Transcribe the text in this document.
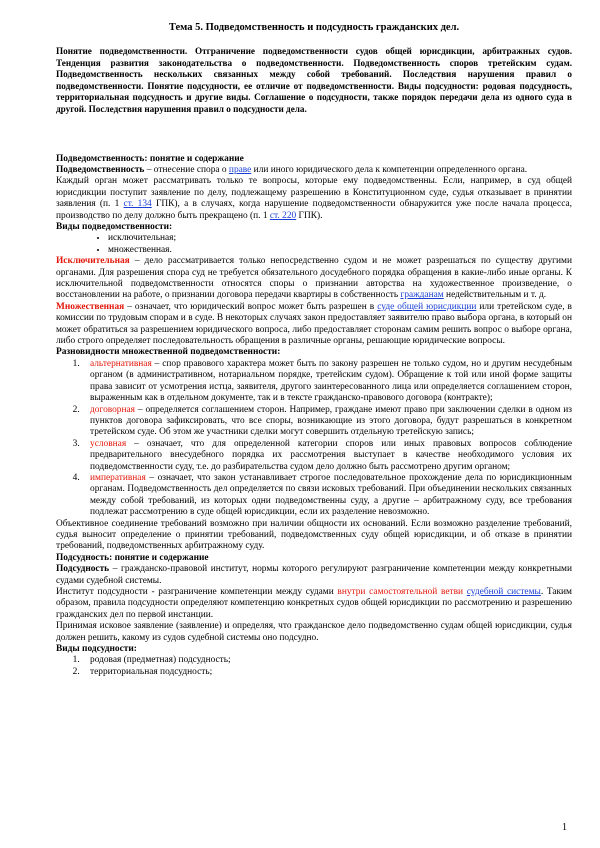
Тема 5. Подведомственность и подсудность гражданских дел.

Понятие подведомственности. Отграничение подведомственности судов общей юрисдикции, арбитражных судов. Тенденция развития законодательства о подведомственности. Подведомственность споров третейским судам. Подведомственность нескольких связанных между собой требований. Последствия нарушения правил о подведомственности. Понятие подсудности, ее отличие от подведомственности. Виды подсудности: родовая подсудность, территориальная подсудность и другие виды. Соглашение о подсудности, также порядок передачи дела из одного суда в другой. Последствия нарушения правил о подсудности дела.

Подведомственность: понятие и содержание

Подведомственность – отнесение спора о праве или иного юридического дела к компетенции определенного органа.

Каждый орган может рассматривать только те вопросы, которые ему подведомственны. Если, например, в суд общей юрисдикции поступит заявление по делу, подлежащему разрешению в Конституционном суде, судья отказывает в принятии заявления (п. 1 ст. 134 ГПК), а в случаях, когда нарушение подведомственности обнаружится уже после начала процесса, производство по делу должно быть прекращено (п. 1 ст. 220 ГПК).

Виды подведомственности:

• исключительная;
• множественная.

Исключительная – дело рассматривается только непосредственно судом и не может разрешаться по существу другими органами. Для разрешения спора суд не требуется обязательного досудебного порядка обращения в какие-либо иные органы. К исключительной подведомственности относятся споры о признании авторства на художественное произведение, о восстановлении на работе, о признании договора передачи квартиры в собственность гражданам недействительным и т. д.

Множественная – означает, что юридический вопрос может быть разрешен в суде общей юрисдикции или третейском суде, в комиссии по трудовым спорам и в суде. В некоторых случаях закон предоставляет заявителю право выбора органа, в который он может обратиться за разрешением юридического вопроса, либо предоставляет сторонам самим решить вопрос о выборе органа, либо строго определяет последовательность обращения в различные органы, решающие юридические вопросы.

Разновидности множественной подведомственности:

1. альтернативная – спор правового характера может быть по закону разрешен не только судом, но и другим несудебным органом (в административном, нотариальном порядке, третейским судом). Обращение к той или иной форме защиты права зависит от усмотрения истца, заявителя, другого заинтересованного лица или определяется соглашением сторон, выраженным как в отдельном документе, так и в тексте гражданско-правового договора (контракте);
2. договорная – определяется соглашением сторон. Например, граждане имеют право при заключении сделки в одном из пунктов договора зафиксировать, что все споры, возникающие из этого договора, будут разрешаться в конкретном третейском суде. Об этом же участники сделки могут совершить отдельную третейскую запись;
3. условная – означает, что для определенной категории споров или иных правовых вопросов соблюдение предварительного внесудебного порядка их рассмотрения выступает в качестве необходимого условия их подведомственности суду, т.е. до разбирательства судом дело должно быть рассмотрено другим органом;
4. императивная – означает, что закон устанавливает строгое последовательное прохождение дела по юрисдикционным органам. Подведомственность дел определяется по связи исковых требований. При объединении нескольких связанных между собой требований, из которых одни подведомственны суду, а другие – арбитражному суду, все требования подлежат рассмотрению в суде общей юрисдикции, если их разделение невозможно.

Объективное соединение требований возможно при наличии общности их оснований. Если возможно разделение требований, судья выносит определение о принятии требований, подведомственных суду общей юрисдикции, и об отказе в принятии требований, подведомственных арбитражному суду.

Подсудность: понятие и содержание

Подсудность – гражданско-правовой институт, нормы которого регулируют разграничение компетенции между конкретными судами судебной системы.

Институт подсудности - разграничение компетенции между судами внутри самостоятельной ветви судебной системы. Таким образом, правила подсудности определяют компетенцию конкретных судов общей юрисдикции по рассмотрению и разрешению гражданских дел по первой инстанции.

Принимая исковое заявление (заявление) и определяя, что гражданское дело подведомственно судам общей юрисдикции, судья должен решить, какому из судов судебной системы оно подсудно.

Виды подсудности:

1. родовая (предметная) подсудность;
2. территориальная подсудность;
1
